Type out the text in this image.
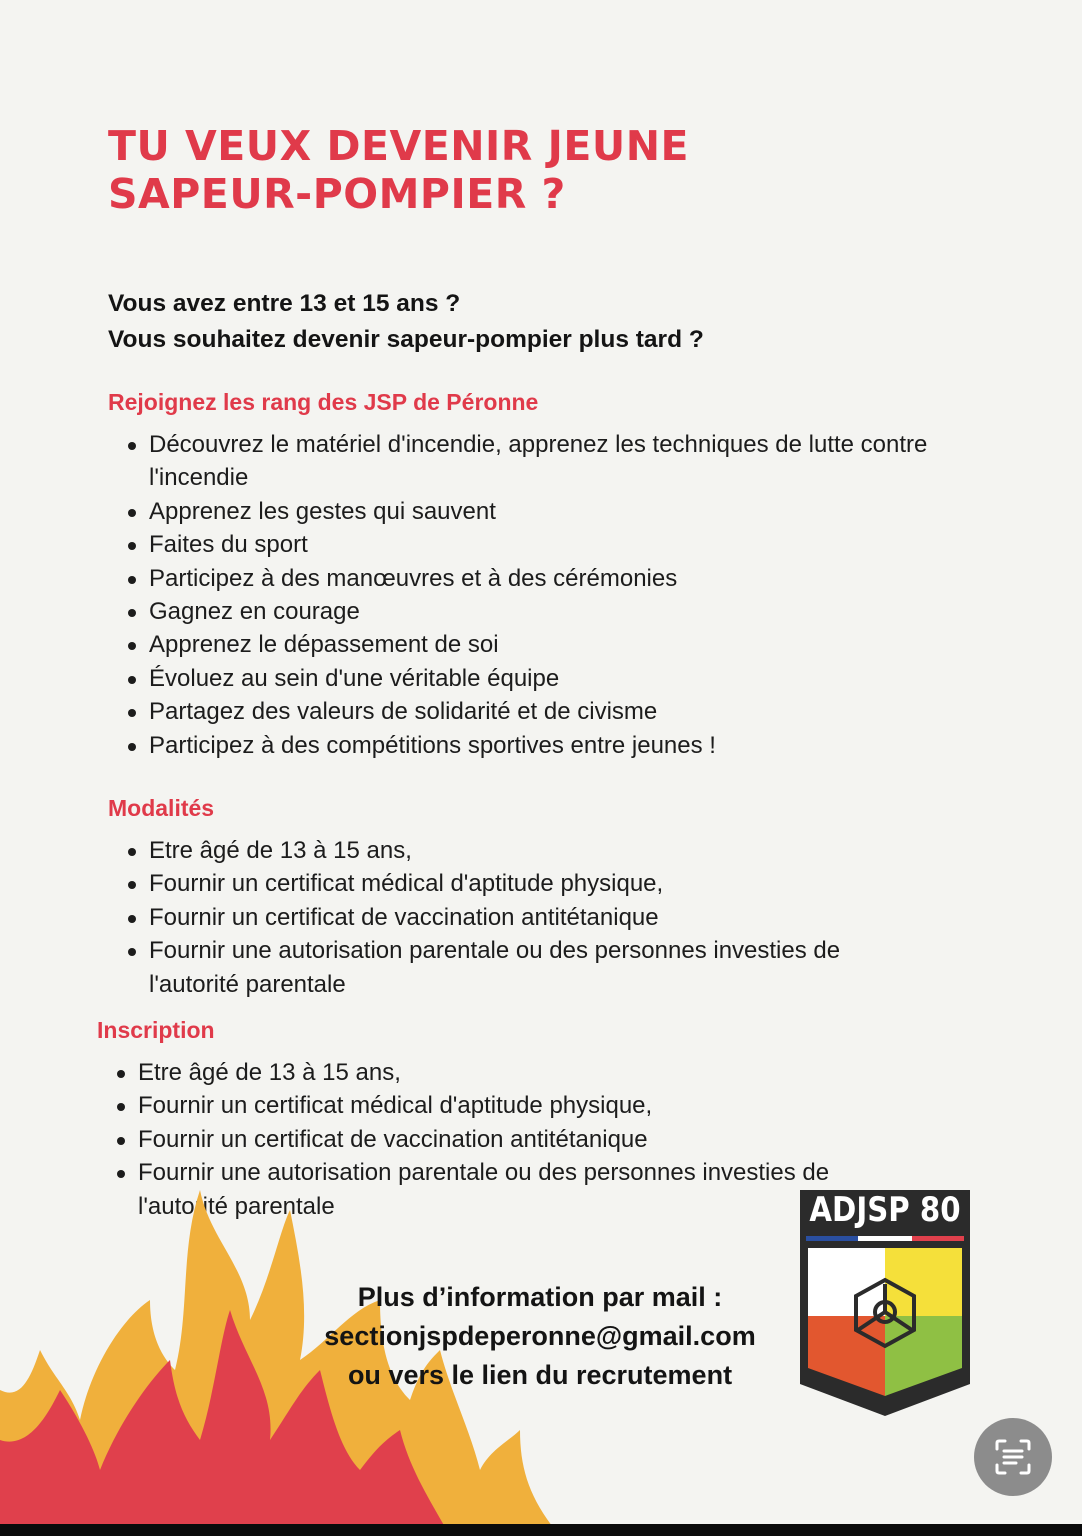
TU VEUX DEVENIR JEUNE
SAPEUR-POMPIER ?
Vous avez entre 13 et 15 ans ?
Vous souhaitez devenir sapeur-pompier plus tard ?
Rejoignez les rang des JSP de Péronne
Découvrez le matériel d'incendie, apprenez les techniques de lutte contre l'incendie
Apprenez les gestes qui sauvent
Faites du sport
Participez à des manœuvres et à des cérémonies
Gagnez en courage
Apprenez le dépassement de soi
Évoluez au sein d'une véritable équipe
Partagez des valeurs de solidarité et de civisme
Participez à des compétitions sportives entre jeunes !
Modalités
Etre âgé de 13 à 15 ans,
Fournir un certificat médical d'aptitude physique,
Fournir un certificat de vaccination antitétanique
Fournir une autorisation parentale ou des personnes investies de l'autorité parentale
Inscription
Etre âgé de 13 à 15 ans,
Fournir un certificat médical d'aptitude physique,
Fournir un certificat de vaccination antitétanique
Fournir une autorisation parentale ou des personnes investies de l'autorité parentale
Plus d’information par mail :
sectionjspdeperonne@gmail.com
ou vers le lien du recrutement
ADJSP 80
